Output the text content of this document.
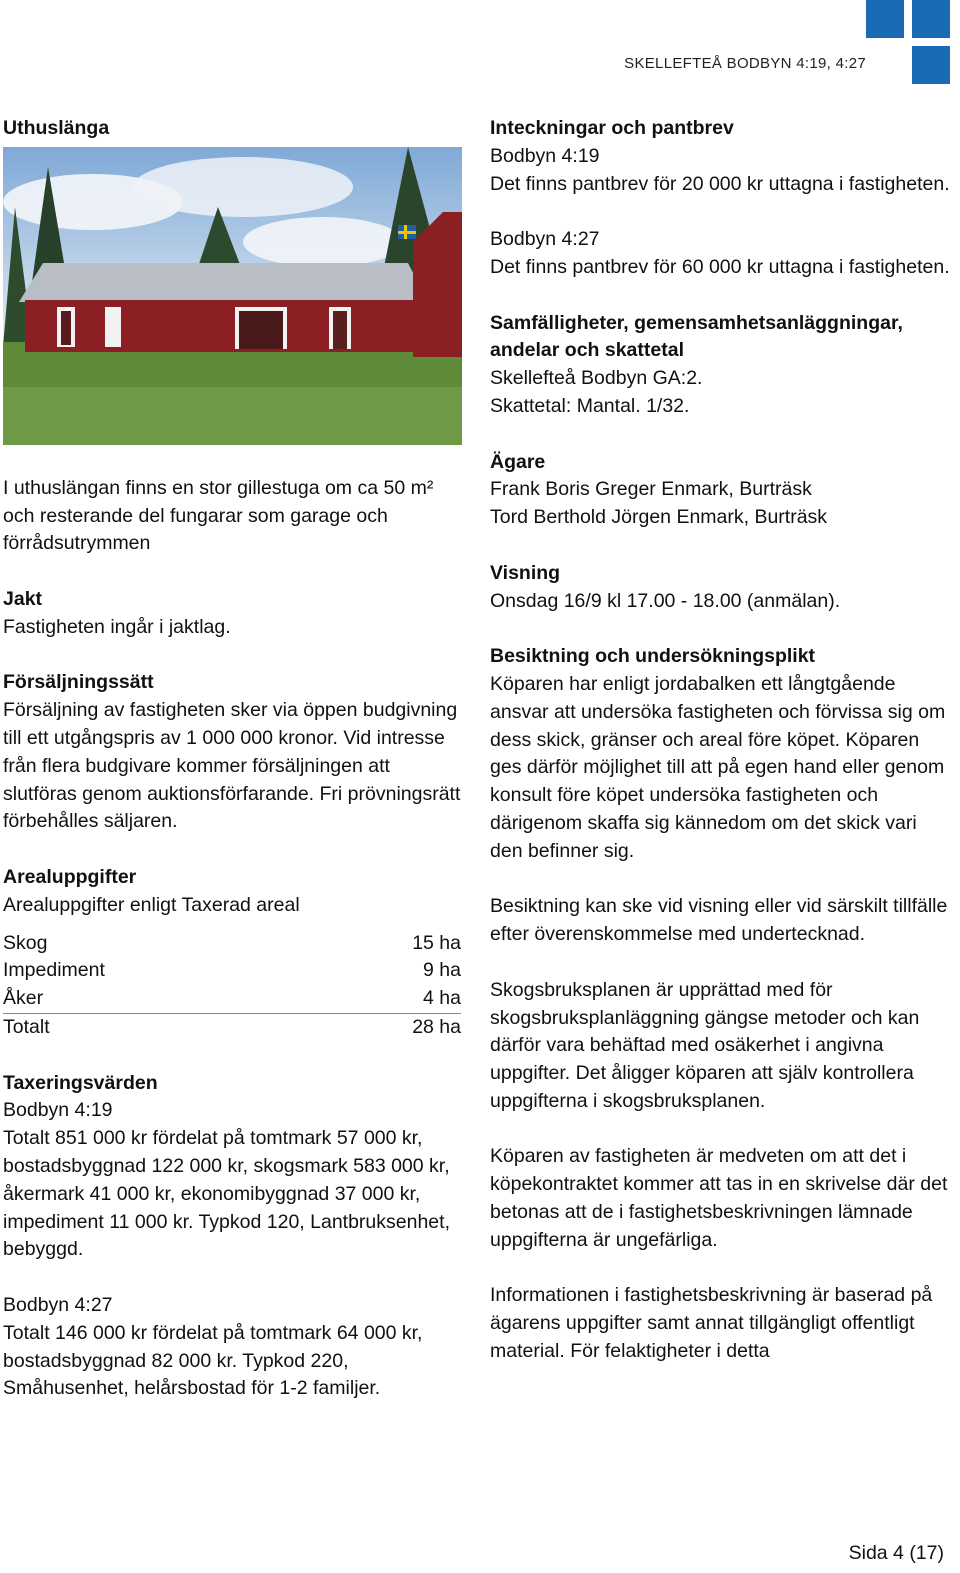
SKELLEFTEÅ BODBYN 4:19, 4:27
Uthuslänga
I uthuslängan finns en stor gillestuga om ca 50 m² och resterande del fungarar som garage och förrådsutrymmen
Jakt
Fastigheten ingår i jaktlag.
Försäljningssätt
Försäljning av fastigheten sker via öppen budgivning till ett utgångspris av 1 000 000 kronor. Vid intresse från flera budgivare kommer försäljningen att slutföras genom auktionsförfarande. Fri prövningsrätt förbehålles säljaren.
Arealuppgifter
Arealuppgifter enligt Taxerad areal
Skog	15 ha
Impediment	9 ha
Åker	4 ha
Totalt	28 ha
Taxeringsvärden
Bodbyn 4:19
Totalt 851 000 kr fördelat på tomtmark 57 000 kr, bostadsbyggnad 122 000 kr, skogsmark 583 000 kr, åkermark 41 000 kr, ekonomibyggnad 37 000 kr, impediment 11 000 kr. Typkod 120, Lantbruksenhet, bebyggd.
Bodbyn 4:27
Totalt 146 000 kr fördelat på tomtmark 64 000 kr, bostadsbyggnad 82 000 kr. Typkod 220, Småhusenhet, helårsbostad för 1-2 familjer.
Inteckningar och pantbrev
Bodbyn 4:19
Det finns pantbrev för 20 000 kr uttagna i fastigheten.
Bodbyn 4:27
Det finns pantbrev för 60 000 kr uttagna i fastigheten.
Samfälligheter, gemensamhetsanläggningar, andelar och skattetal
Skellefteå Bodbyn GA:2.
Skattetal: Mantal. 1/32.
Ägare
Frank Boris Greger Enmark, Burträsk
Tord Berthold Jörgen Enmark, Burträsk
Visning
Onsdag 16/9 kl 17.00 - 18.00 (anmälan).
Besiktning och undersökningsplikt
Köparen har enligt jordabalken ett långtgående ansvar att undersöka fastigheten och förvissa sig om dess skick, gränser och areal före köpet. Köparen ges därför möjlighet till att på egen hand eller genom konsult före köpet undersöka fastigheten och därigenom skaffa sig kännedom om det skick vari den befinner sig.
Besiktning kan ske vid visning eller vid särskilt tillfälle efter överenskommelse med undertecknad.
Skogsbruksplanen är upprättad med för skogsbruksplanläggning gängse metoder och kan därför vara behäftad med osäkerhet i angivna uppgifter. Det åligger köparen att själv kontrollera uppgifterna i skogsbruksplanen.
Köparen av fastigheten är medveten om att det i köpekontraktet kommer att tas in en skrivelse där det betonas att de i fastighetsbeskrivningen lämnade uppgifterna är ungefärliga.
Informationen i fastighetsbeskrivning är baserad på ägarens uppgifter samt annat tillgängligt offentligt material. För felaktigheter i detta
Sida 4 (17)
